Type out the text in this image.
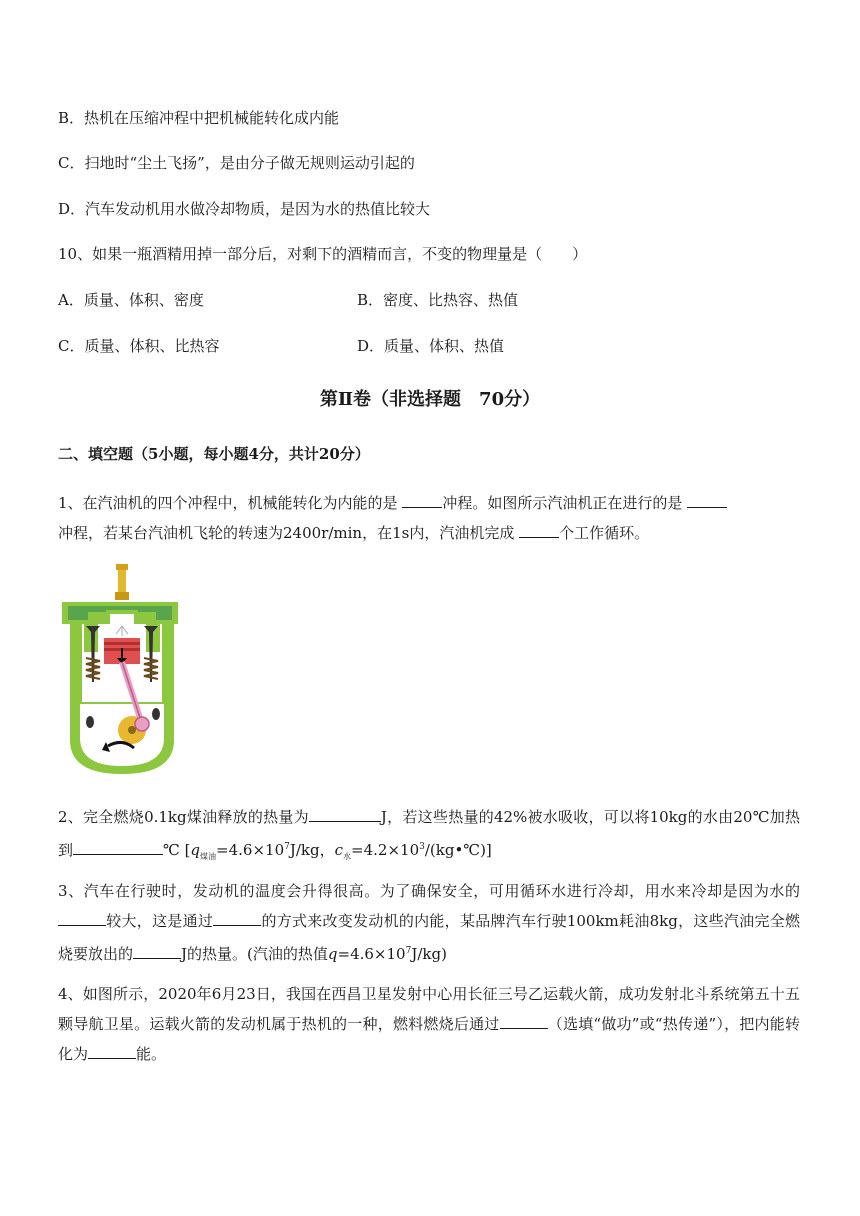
B．热机在压缩冲程中把机械能转化成内能
C．扫地时“尘土飞扬”，是由分子做无规则运动引起的
D．汽车发动机用水做冷却物质，是因为水的热值比较大
10、如果一瓶酒精用掉一部分后，对剩下的酒精而言，不变的物理量是（　　）
A．质量、体积、密度	B．密度、比热容、热值
C．质量、体积、比热容	D．质量、体积、热值
第Ⅱ卷（非选择题　70分）
二、填空题（5小题，每小题4分，共计20分）
1、在汽油机的四个冲程中，机械能转化为内能的是	冲程。如图所示汽油机正在进行的是
冲程，若某台汽油机飞轮的转速为2400r/min，在1s内，汽油机完成	个工作循环。
2、完全燃烧0.1kg煤油释放的热量为	J，若这些热量的42%被水吸收，可以将10kg的水由20℃加热到	℃ [$q_{煤油}=4.6\times 10^7J/kg$，$c_水=4.2\times 10^3/(kg•℃)$]
3、汽车在行驶时，发动机的温度会升得很高。为了确保安全，可用循环水进行冷却，用水来冷却是因为水的较大，这是通过	的方式来改变发动机的内能，某品牌汽车行驶100km耗油8kg，这些汽油完全燃烧要放出的	J的热量。(汽油的热值$q=4.6\times 10^7J/kg$)
4、如图所示，2020年6月23日，我国在西昌卫星发射中心用长征三号乙运载火箭，成功发射北斗系统第五十五颗导航卫星。运载火箭的发动机属于热机的一种，燃料燃烧后通过	（选填“做功”或“热传递”），把内能转化为	能。
